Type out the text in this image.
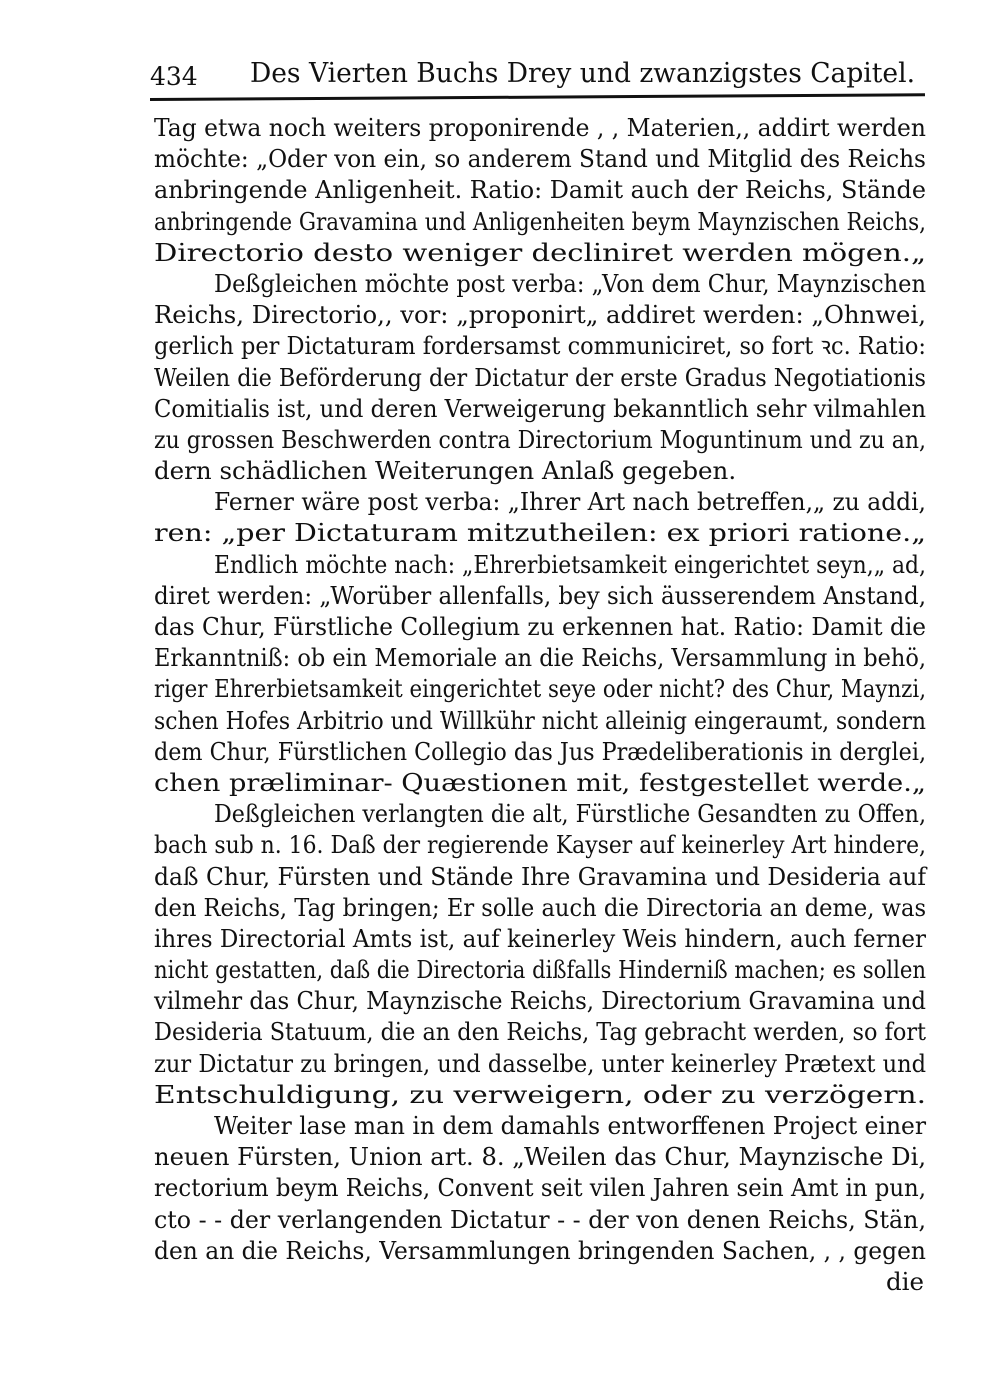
434 Des Vierten Buchs Drey und zwanzigstes Capitel.
Tag etwa noch weiters proponirende , , Materien,, addirt werden
möchte: „Oder von ein, so anderem Stand und Mitglid des Reichs
anbringende Anligenheit. Ratio: Damit auch der Reichs, Stände
anbringende Gravamina und Anligenheiten beym Maynzischen Reichs,
Directorio desto weniger decliniret werden mögen.„
Deßgleichen möchte post verba: „Von dem Chur, Maynzischen
Reichs, Directorio,, vor: „proponirt„ addiret werden: „Ohnwei,
gerlich per Dictaturam fordersamst communiciret, so fort ꝛc. Ratio:
Weilen die Beförderung der Dictatur der erste Gradus Negotiationis
Comitialis ist, und deren Verweigerung bekanntlich sehr vilmahlen
zu grossen Beschwerden contra Directorium Moguntinum und zu an,
dern schädlichen Weiterungen Anlaß gegeben.
Ferner wäre post verba: „Ihrer Art nach betreffen,„ zu addi,
ren: „per Dictaturam mitzutheilen: ex priori ratione.„
Endlich möchte nach: „Ehrerbietsamkeit eingerichtet seyn,„ ad,
diret werden: „Worüber allenfalls, bey sich äusserendem Anstand,
das Chur, Fürstliche Collegium zu erkennen hat. Ratio: Damit die
Erkanntniß: ob ein Memoriale an die Reichs, Versammlung in behö,
riger Ehrerbietsamkeit eingerichtet seye oder nicht? des Chur, Maynzi,
schen Hofes Arbitrio und Willkühr nicht alleinig eingeraumt, sondern
dem Chur, Fürstlichen Collegio das Jus Prædeliberationis in derglei,
chen præliminar- Quæstionen mit, festgestellet werde.„
Deßgleichen verlangten die alt, Fürstliche Gesandten zu Offen,
bach sub n. 16. Daß der regierende Kayser auf keinerley Art hindere,
daß Chur, Fürsten und Stände Ihre Gravamina und Desideria auf
den Reichs, Tag bringen; Er solle auch die Directoria an deme, was
ihres Directorial Amts ist, auf keinerley Weis hindern, auch ferner
nicht gestatten, daß die Directoria dißfalls Hinderniß machen; es sollen
vilmehr das Chur, Maynzische Reichs, Directorium Gravamina und
Desideria Statuum, die an den Reichs, Tag gebracht werden, so fort
zur Dictatur zu bringen, und dasselbe, unter keinerley Prætext und
Entschuldigung, zu verweigern, oder zu verzögern.
Weiter lase man in dem damahls entworffenen Project einer
neuen Fürsten, Union art. 8. „Weilen das Chur, Maynzische Di,
rectorium beym Reichs, Convent seit vilen Jahren sein Amt in pun,
cto - - der verlangenden Dictatur - - der von denen Reichs, Stän,
den an die Reichs, Versammlungen bringenden Sachen, , , gegen
die
